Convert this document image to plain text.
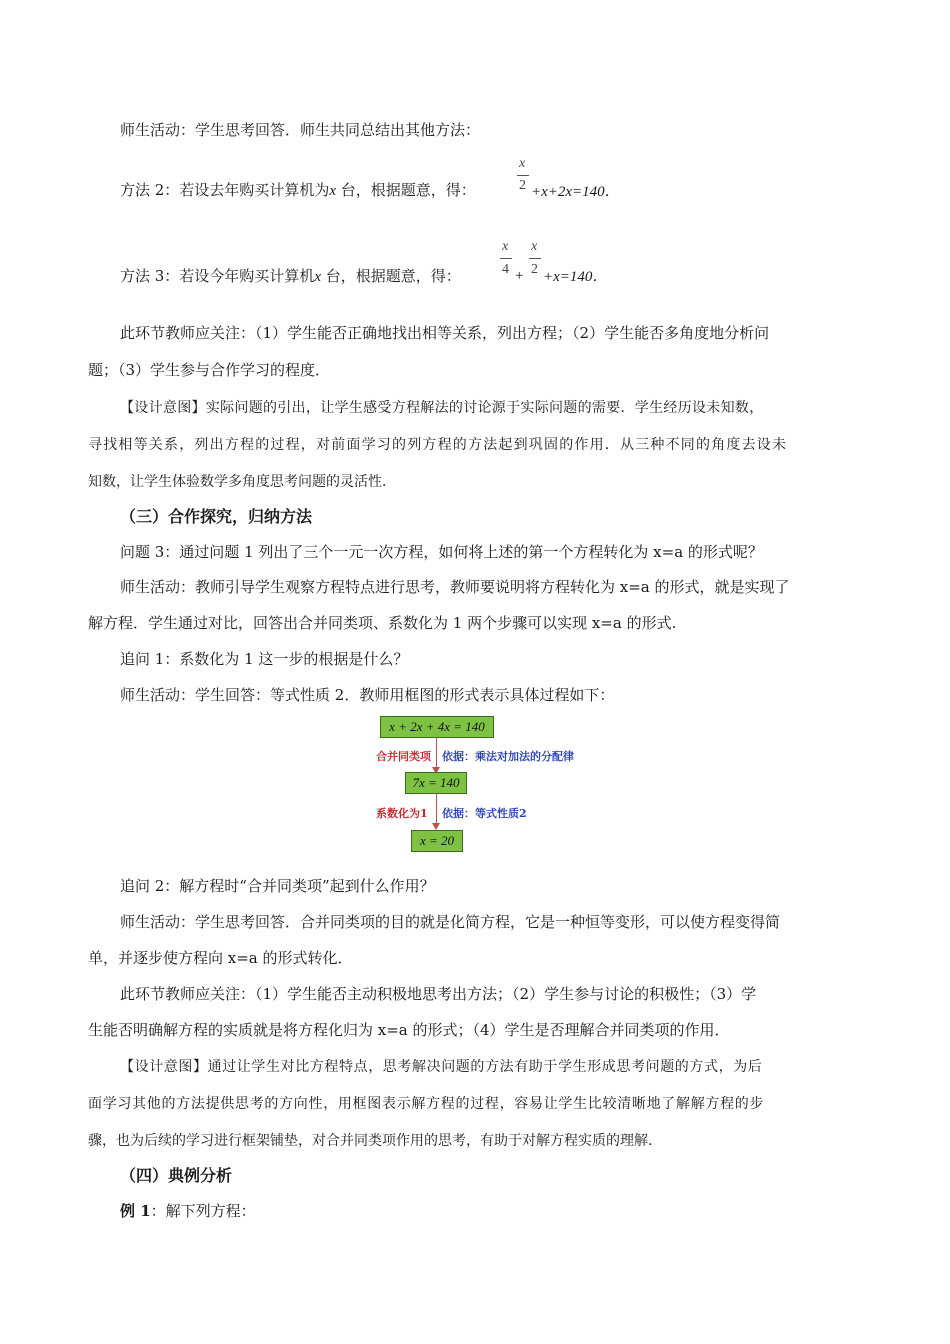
师生活动：学生思考回答．师生共同总结出其他方法：
方法 2：若设去年购买计算机为x 台，根据题意，得：
x
2 +x+2x=140．
方法 3：若设今年购买计算机x 台，根据题意，得：
x
4 +
x
2 +x=140．
此环节教师应关注：（1）学生能否正确地找出相等关系，列出方程；（2）学生能否多角度地分析问
题；（3）学生参与合作学习的程度．
【设计意图】实际问题的引出，让学生感受方程解法的讨论源于实际问题的需要．学生经历设未知数，
寻找相等关系，列出方程的过程，对前面学习的列方程的方法起到巩固的作用．从三种不同的角度去设未
知数，让学生体验数学多角度思考问题的灵活性．
（三）合作探究，归纳方法
问题 3：通过问题 1 列出了三个一元一次方程，如何将上述的第一个方程转化为 x=a 的形式呢？
师生活动：教师引导学生观察方程特点进行思考，教师要说明将方程转化为 x=a 的形式，就是实现了
解方程．学生通过对比，回答出合并同类项、系数化为 1 两个步骤可以实现 x=a 的形式.
追问 1：系数化为 1 这一步的根据是什么？
师生活动：学生回答：等式性质 2．教师用框图的形式表示具体过程如下：
x + 2x + 4x = 140
合并同类项 依据：乘法对加法的分配律
7x = 140
系数化为1 依据：等式性质2
x = 20
追问 2：解方程时“合并同类项”起到什么作用？
师生活动：学生思考回答．合并同类项的目的就是化简方程，它是一种恒等变形，可以使方程变得简
单，并逐步使方程向 x=a 的形式转化．
此环节教师应关注：（1）学生能否主动积极地思考出方法；（2）学生参与讨论的积极性；（3）学
生能否明确解方程的实质就是将方程化归为 x=a 的形式；（4）学生是否理解合并同类项的作用．
【设计意图】通过让学生对比方程特点，思考解决问题的方法有助于学生形成思考问题的方式，为后
面学习其他的方法提供思考的方向性，用框图表示解方程的过程，容易让学生比较清晰地了解解方程的步
骤，也为后续的学习进行框架铺垫，对合并同类项作用的思考，有助于对解方程实质的理解．
（四）典例分析
例 1：解下列方程：
